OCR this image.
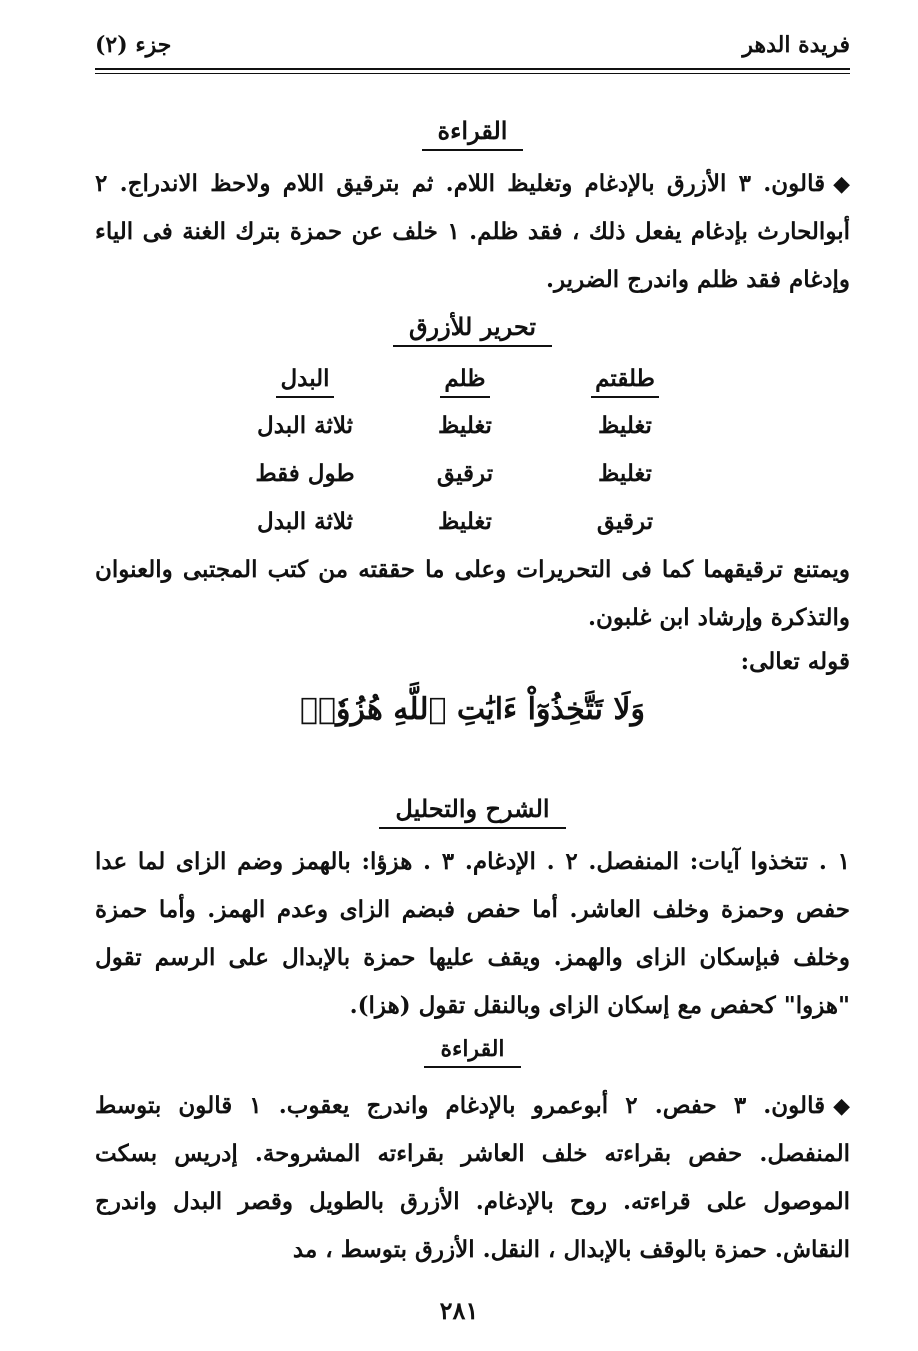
فريدة الدهر
جزء (٢)
القراءة

◆قالون. ٣ الأزرق بالإدغام وتغليظ اللام. ثم بترقيق اللام ولاحظ الاندراج. ٢ أبوالحارث بإدغام يفعل ذلك ، فقد ظلم. ١ خلف عن حمزة بترك الغنة فى الياء وإدغام فقد ظلم واندرج الضرير.

تحرير للأزرق
طلقتم
تغليظ
تغليظ
ترقيق
ظلم
تغليظ
ترقيق
تغليظ
البدل
ثلاثة البدل
طول فقط
ثلاثة البدل

ويمتنع ترقيقهما كما فى التحريرات وعلى ما حققته من كتب المجتبى والعنوان والتذكرة وإرشاد ابن غلبون.

قوله تعالى:
وَلَا تَتَّخِذُوٓاْ ءَايَٰتِ ٱللَّهِ هُزُوٗاۚ
الشرح والتحليل

١ . تتخذوا آيات: المنفصل. ٢ . الإدغام. ٣ . هزؤا: بالهمز وضم الزاى لما عدا حفص وحمزة وخلف العاشر. أما حفص فبضم الزاى وعدم الهمز. وأما حمزة وخلف فبإسكان الزاى والهمز. ويقف عليها حمزة بالإبدال على الرسم تقول "هزوا" كحفص مع إسكان الزاى وبالنقل تقول (هزا).

القراءة

◆قالون. ٣ حفص. ٢ أبوعمرو بالإدغام واندرج يعقوب. ١ قالون بتوسط المنفصل. حفص بقراءته خلف العاشر بقراءته المشروحة. إدريس بسكت الموصول على قراءته. روح بالإدغام. الأزرق بالطويل وقصر البدل واندرج النقاش. حمزة بالوقف بالإبدال ، النقل. الأزرق بتوسط ، مد

٢٨١
